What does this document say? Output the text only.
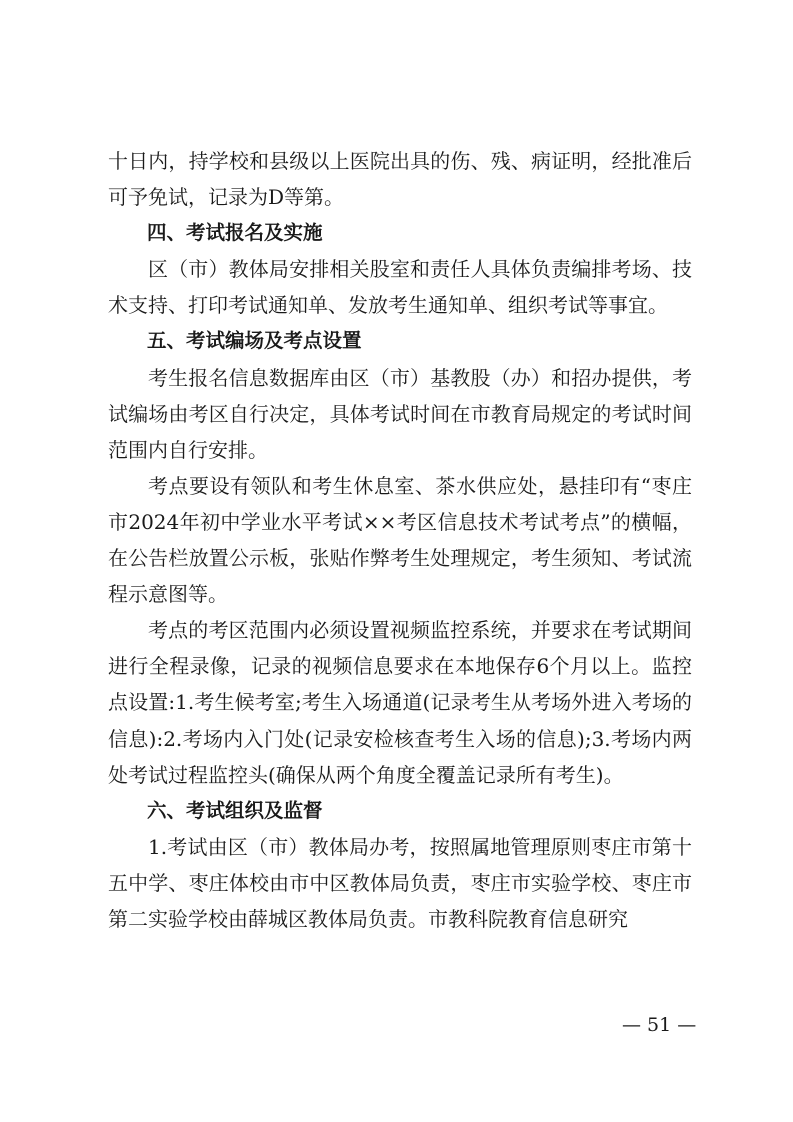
十日内，持学校和县级以上医院出具的伤、残、病证明，经批准后可予免试，记录为D等第。

四、考试报名及实施

区（市）教体局安排相关股室和责任人具体负责编排考场、技术支持、打印考试通知单、发放考生通知单、组织考试等事宜。

五、考试编场及考点设置

考生报名信息数据库由区（市）基教股（办）和招办提供，考试编场由考区自行决定，具体考试时间在市教育局规定的考试时间范围内自行安排。

考点要设有领队和考生休息室、茶水供应处，悬挂印有“枣庄市2024年初中学业水平考试××考区信息技术考试考点”的横幅，在公告栏放置公示板，张贴作弊考生处理规定，考生须知、考试流程示意图等。

考点的考区范围内必须设置视频监控系统，并要求在考试期间进行全程录像，记录的视频信息要求在本地保存6个月以上。监控点设置:1.考生候考室;考生入场通道(记录考生从考场外进入考场的信息):2.考场内入门处(记录安检核查考生入场的信息);3.考场内两处考试过程监控头(确保从两个角度全覆盖记录所有考生)。

六、考试组织及监督

1.考试由区（市）教体局办考，按照属地管理原则枣庄市第十五中学、枣庄体校由市中区教体局负责，枣庄市实验学校、枣庄市第二实验学校由薛城区教体局负责。市教科院教育信息研究

— 51 —
